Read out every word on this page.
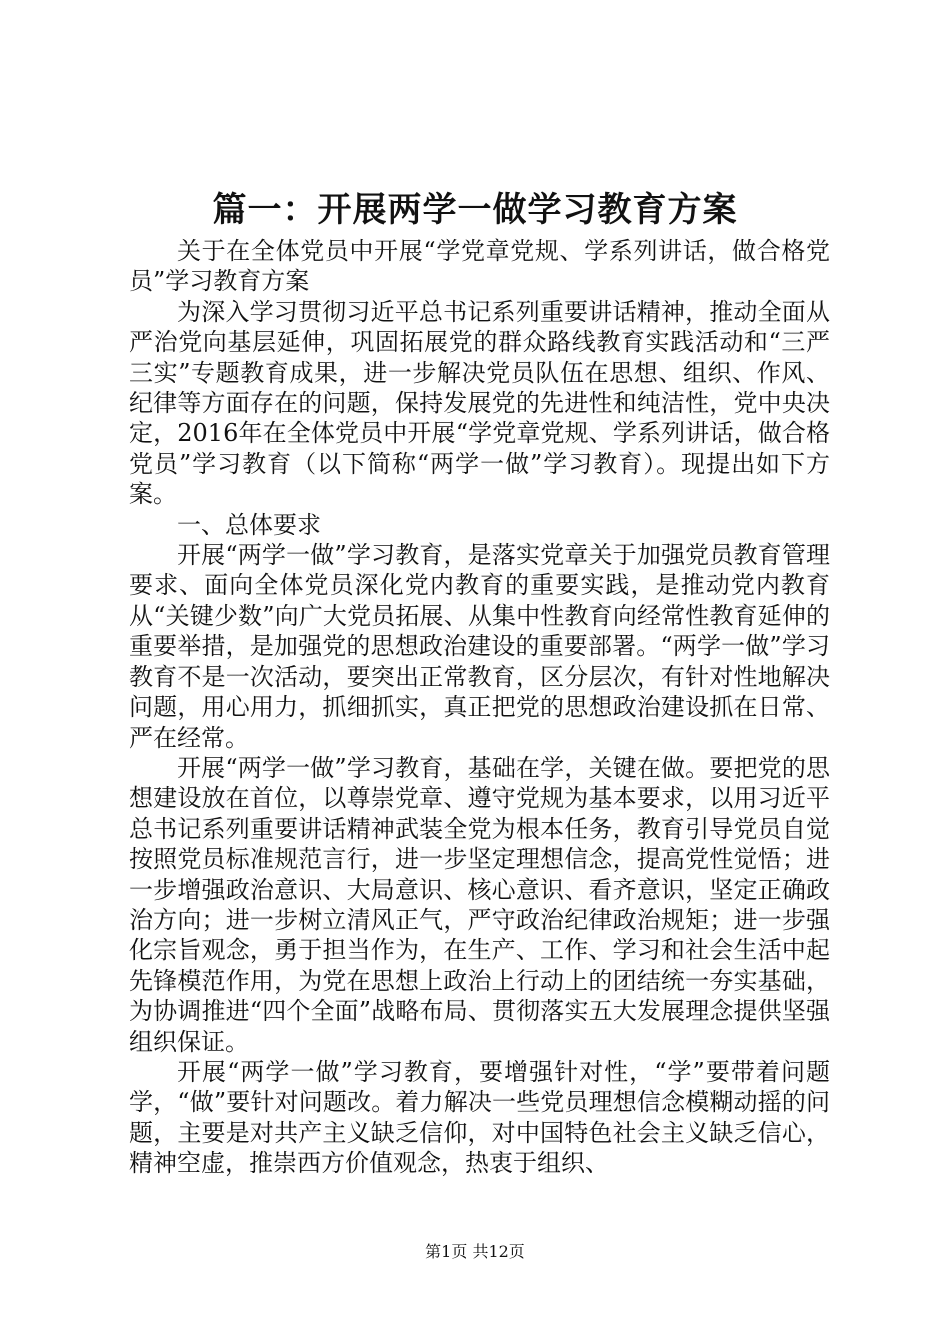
篇一：开展两学一做学习教育方案

关于在全体党员中开展“学党章党规、学系列讲话，做合格党员”学习教育方案

为深入学习贯彻习近平总书记系列重要讲话精神，推动全面从严治党向基层延伸，巩固拓展党的群众路线教育实践活动和“三严三实”专题教育成果，进一步解决党员队伍在思想、组织、作风、纪律等方面存在的问题，保持发展党的先进性和纯洁性，党中央决定，2016年在全体党员中开展“学党章党规、学系列讲话，做合格党员”学习教育（以下简称“两学一做”学习教育）。现提出如下方案。

一、总体要求

开展“两学一做”学习教育，是落实党章关于加强党员教育管理要求、面向全体党员深化党内教育的重要实践，是推动党内教育从“关键少数”向广大党员拓展、从集中性教育向经常性教育延伸的重要举措，是加强党的思想政治建设的重要部署。“两学一做”学习教育不是一次活动，要突出正常教育，区分层次，有针对性地解决问题，用心用力，抓细抓实，真正把党的思想政治建设抓在日常、严在经常。

开展“两学一做”学习教育，基础在学，关键在做。要把党的思想建设放在首位，以尊崇党章、遵守党规为基本要求，以用习近平总书记系列重要讲话精神武装全党为根本任务，教育引导党员自觉按照党员标准规范言行，进一步坚定理想信念，提高党性觉悟；进一步增强政治意识、大局意识、核心意识、看齐意识，坚定正确政治方向；进一步树立清风正气，严守政治纪律政治规矩；进一步强化宗旨观念，勇于担当作为，在生产、工作、学习和社会生活中起先锋模范作用，为党在思想上政治上行动上的团结统一夯实基础，为协调推进“四个全面”战略布局、贯彻落实五大发展理念提供坚强组织保证。

开展“两学一做”学习教育，要增强针对性，“学”要带着问题学，“做”要针对问题改。着力解决一些党员理想信念模糊动摇的问题，主要是对共产主义缺乏信仰，对中国特色社会主义缺乏信心，精神空虚，推崇西方价值观念，热衷于组织、

第1页 共12页
